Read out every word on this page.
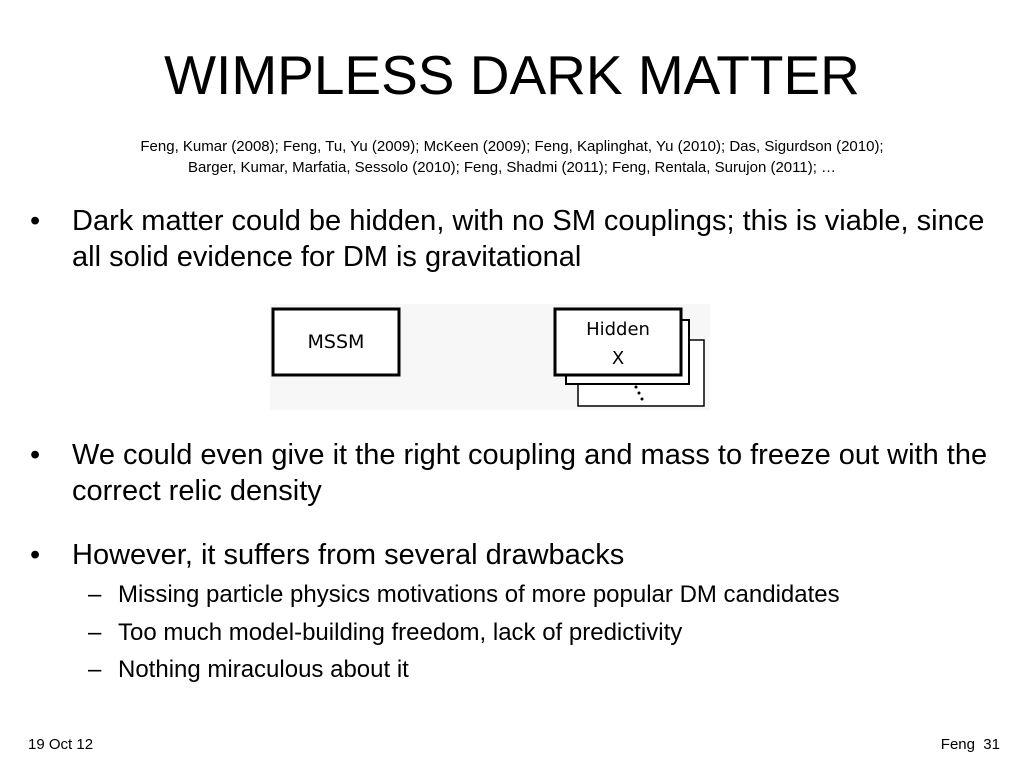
WIMPLESS DARK MATTER
Feng, Kumar (2008); Feng, Tu, Yu (2009); McKeen (2009); Feng, Kaplinghat, Yu (2010); Das, Sigurdson (2010);
Barger, Kumar, Marfatia, Sessolo (2010); Feng, Shadmi (2011); Feng, Rentala, Surujon (2011); …
•	Dark matter could be hidden, with no SM couplings; this is viable, since all solid evidence for DM is gravitational
MSSM
Hidden
X
•	We could even give it the right coupling and mass to freeze out with the correct relic density
•	However, it suffers from several drawbacks
– Missing particle physics motivations of more popular DM candidates
– Too much model-building freedom, lack of predictivity
– Nothing miraculous about it
19 Oct 12	Feng  31
